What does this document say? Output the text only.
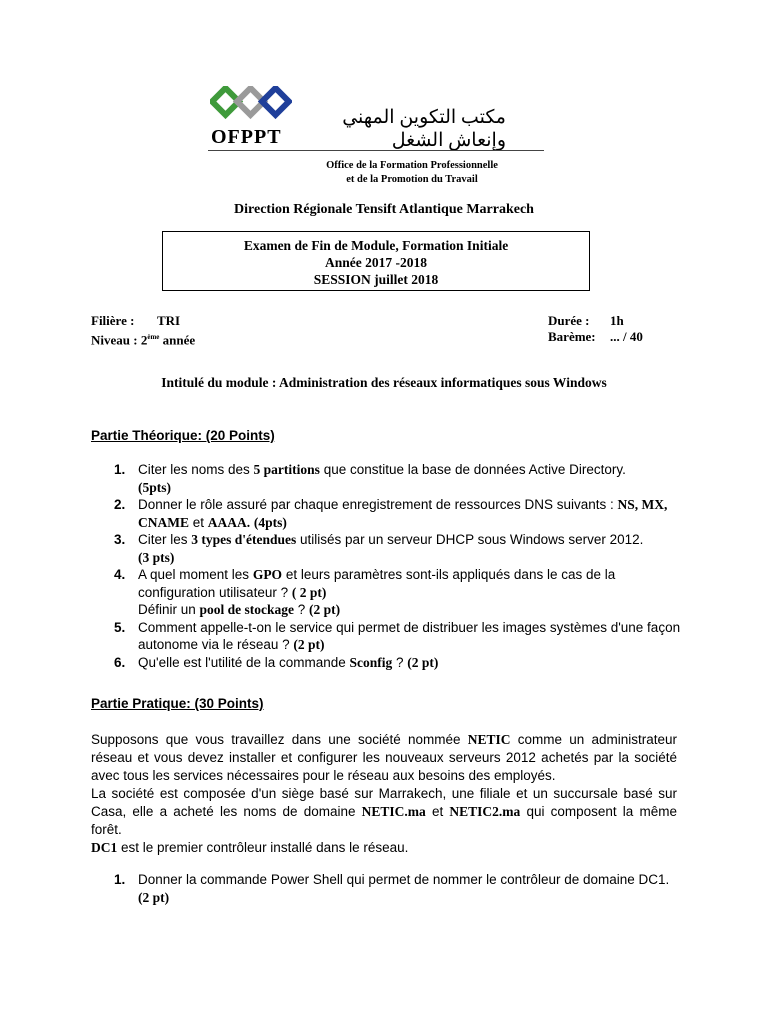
OFPPT
مكتب التكوين المهني وإنعاش الشغل
Office de la Formation Professionnelle
et de la Promotion du Travail
Direction Régionale Tensift Atlantique Marrakech
Examen de Fin de Module, Formation Initiale
Année 2017 -2018
SESSION juillet 2018
Filière : TRI
Niveau : 2ème année
Durée : 1h
Barème: ... / 40
Intitulé du module : Administration des réseaux informatiques sous Windows
Partie Théorique: (20 Points)
1. Citer les noms des 5 partitions que constitue la base de données Active Directory.
(5pts)
2. Donner le rôle assuré par chaque enregistrement de ressources DNS suivants : NS, MX, CNAME et AAAA. (4pts)
3. Citer les 3 types d'étendues utilisés par un serveur DHCP sous Windows server 2012.
(3 pts)
4. A quel moment les GPO et leurs paramètres sont-ils appliqués dans le cas de la configuration utilisateur ? ( 2 pt)
Définir un pool de stockage ? (2 pt)
5. Comment appelle-t-on le service qui permet de distribuer les images systèmes d'une façon autonome via le réseau ? (2 pt)
6. Qu'elle est l'utilité de la commande Sconfig ? (2 pt)
Partie Pratique: (30 Points)
Supposons que vous travaillez dans une société nommée NETIC comme un administrateur réseau et vous devez installer et configurer les nouveaux serveurs 2012 achetés par la société avec tous les services nécessaires pour le réseau aux besoins des employés.
La société est composée d'un siège basé sur Marrakech, une filiale et un succursale basé sur Casa, elle a acheté les noms de domaine NETIC.ma et NETIC2.ma qui composent la même forêt.
DC1 est le premier contrôleur installé dans le réseau.
1. Donner la commande Power Shell qui permet de nommer le contrôleur de domaine DC1. (2 pt)
